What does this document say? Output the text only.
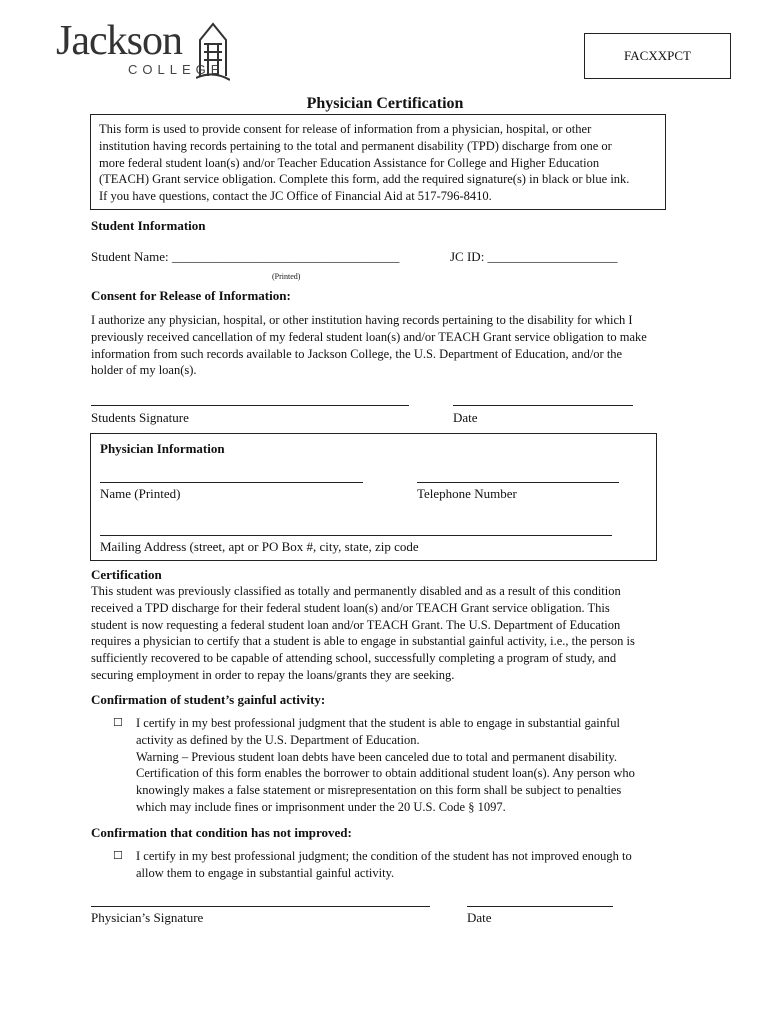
Jackson
COLLEGE
FACXXPCT
Physician Certification
This form is used to provide consent for release of information from a physician, hospital, or other
institution having records pertaining to the total and permanent disability (TPD) discharge from one or
more federal student loan(s) and/or Teacher Education Assistance for College and Higher Education
(TEACH) Grant service obligation. Complete this form, add the required signature(s) in black or blue ink.
If you have questions, contact the JC Office of Financial Aid at 517-796-8410.
Student Information
Student Name: ___________________________________	JC ID: ____________________
(Printed)
Consent for Release of Information:
I authorize any physician, hospital, or other institution having records pertaining to the disability for which I
previously received cancellation of my federal student loan(s) and/or TEACH Grant service obligation to make
information from such records available to Jackson College, the U.S. Department of Education, and/or the
holder of my loan(s).
Students Signature	Date
Physician Information
Name (Printed)	Telephone Number
Mailing Address (street, apt or PO Box #, city, state, zip code
Certification
This student was previously classified as totally and permanently disabled and as a result of this condition
received a TPD discharge for their federal student loan(s) and/or TEACH Grant service obligation. This
student is now requesting a federal student loan and/or TEACH Grant. The U.S. Department of Education
requires a physician to certify that a student is able to engage in substantial gainful activity, i.e., the person is
sufficiently recovered to be capable of attending school, successfully completing a program of study, and
securing employment in order to repay the loans/grants they are seeking.
Confirmation of student’s gainful activity:
☐ I certify in my best professional judgment that the student is able to engage in substantial gainful
activity as defined by the U.S. Department of Education.
Warning – Previous student loan debts have been canceled due to total and permanent disability.
Certification of this form enables the borrower to obtain additional student loan(s). Any person who
knowingly makes a false statement or misrepresentation on this form shall be subject to penalties
which may include fines or imprisonment under the 20 U.S. Code § 1097.
Confirmation that condition has not improved:
☐ I certify in my best professional judgment; the condition of the student has not improved enough to
allow them to engage in substantial gainful activity.
Physician’s Signature	Date
